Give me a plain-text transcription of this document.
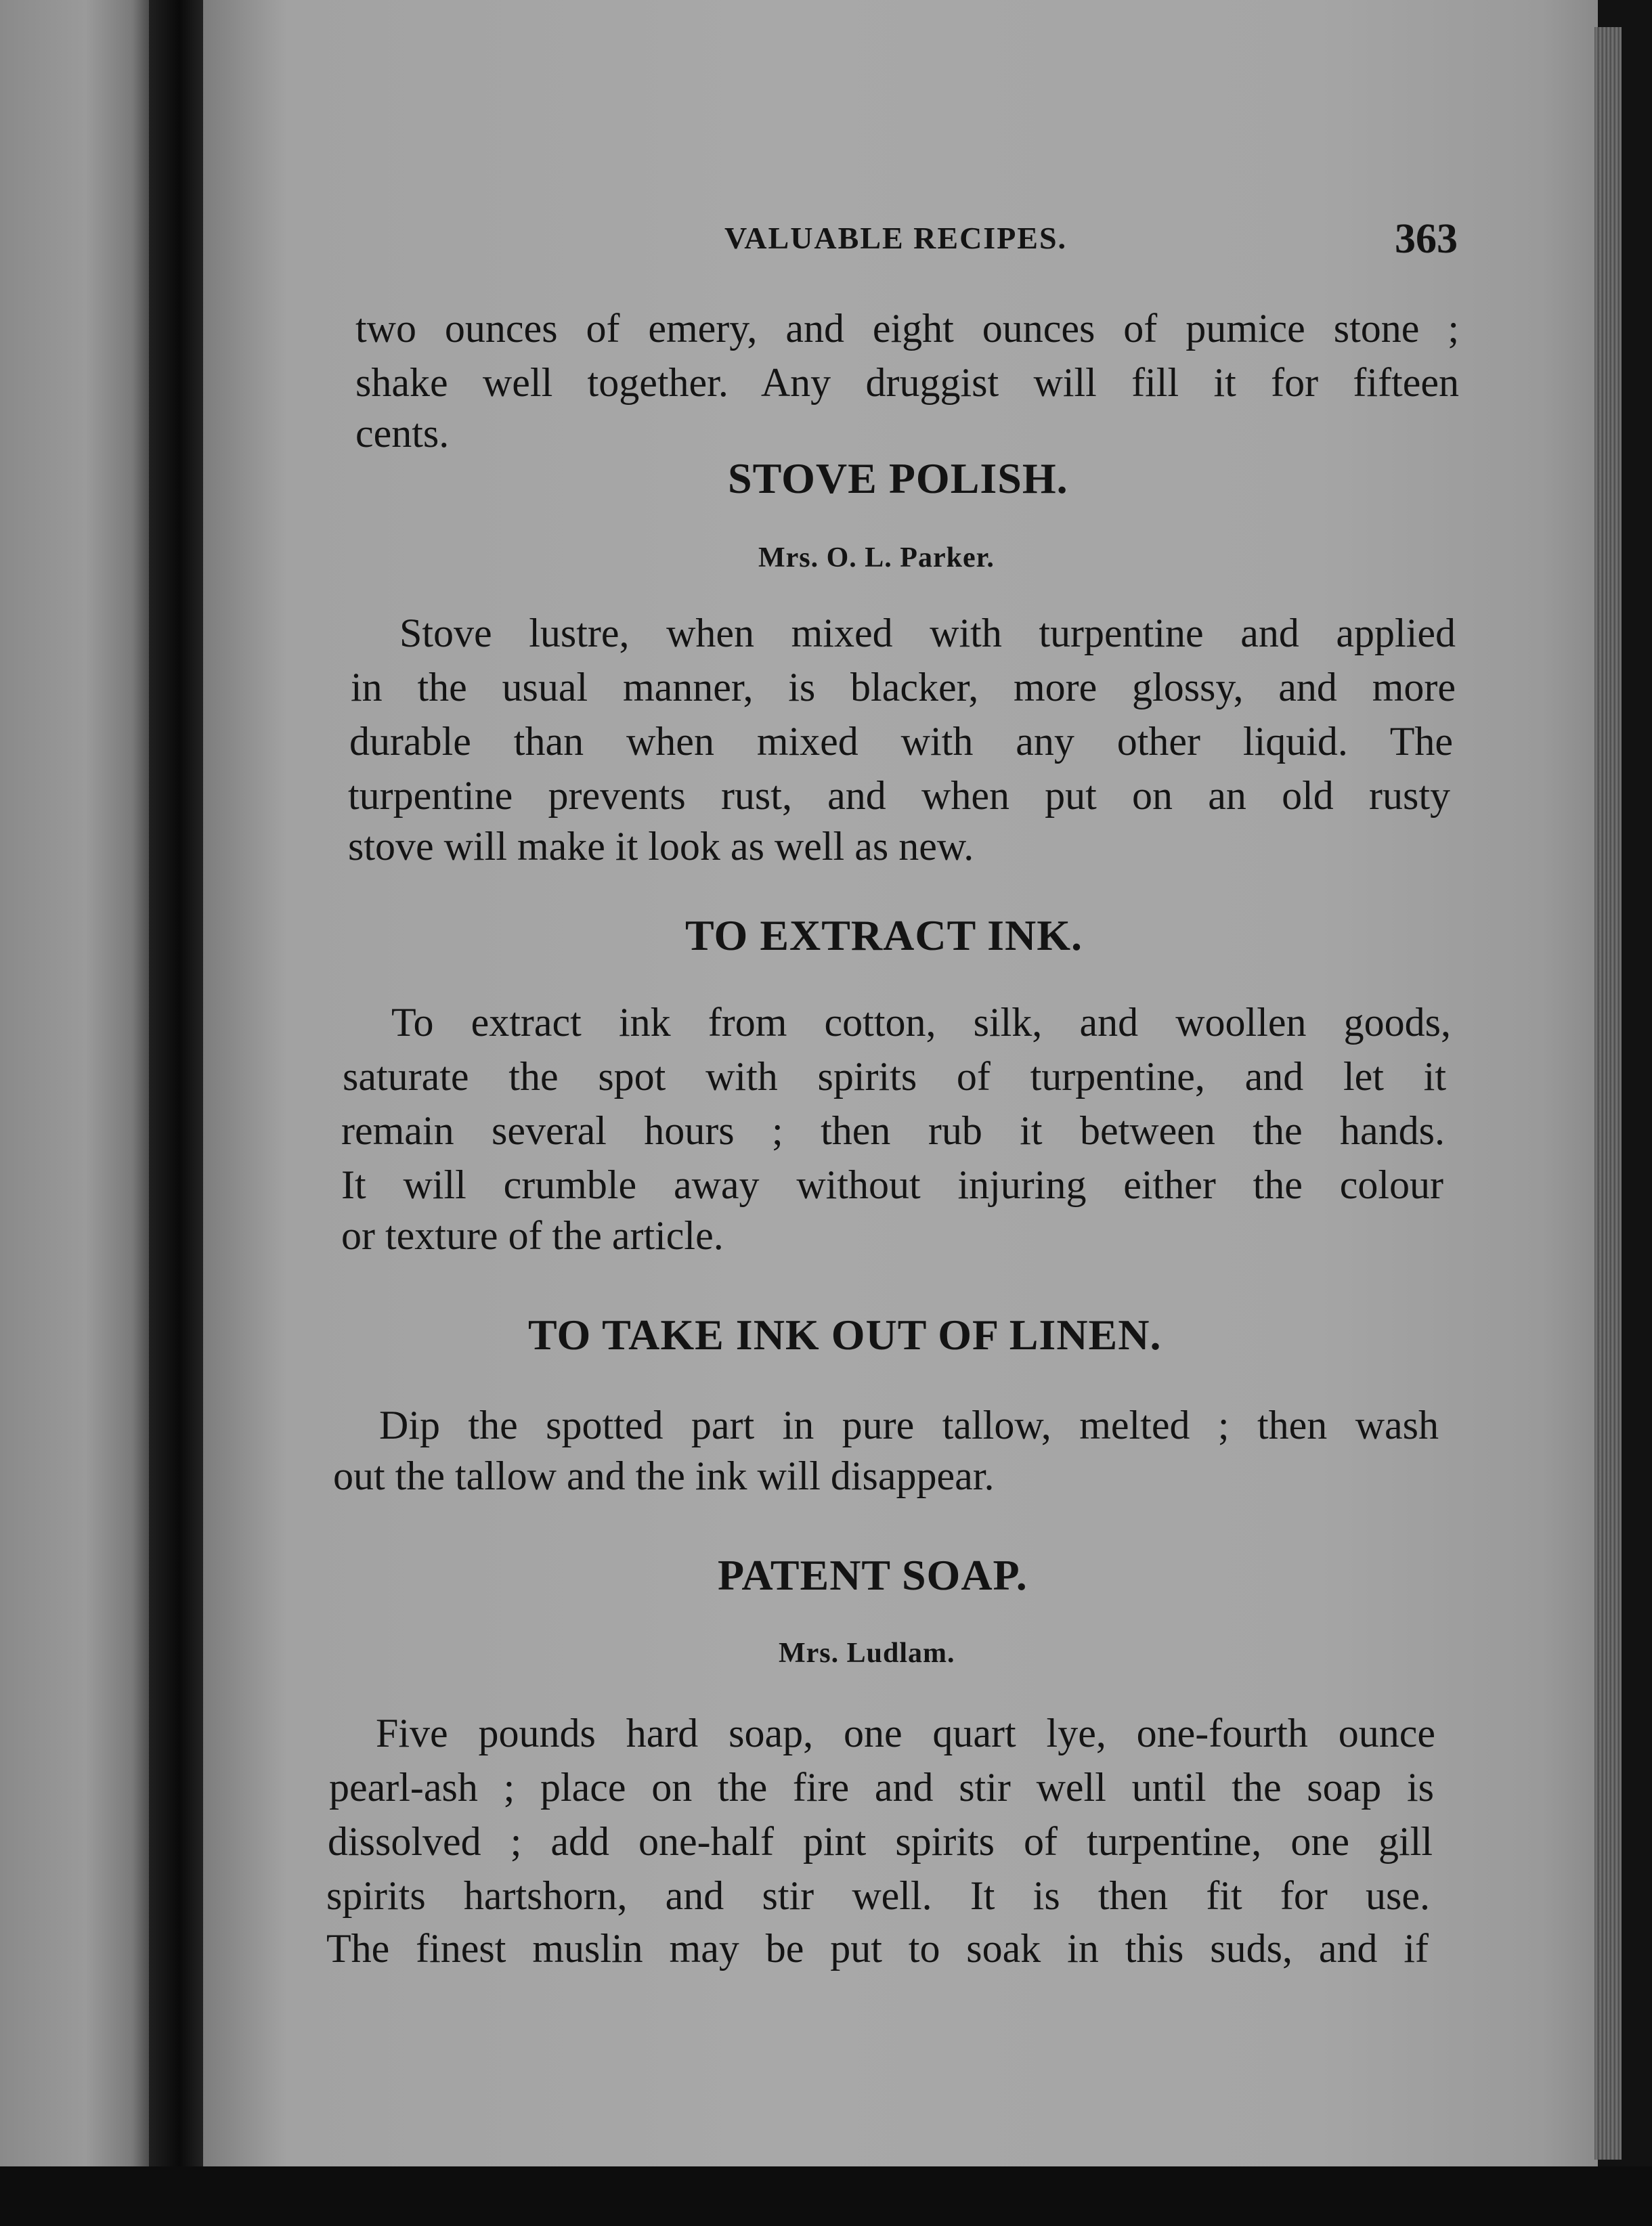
VALUABLE RECIPES.	363
two ounces of emery, and eight ounces of pumice stone ;
shake well together. Any druggist will fill it for fifteen
cents.
STOVE POLISH.
Mrs. O. L. Parker.
Stove lustre, when mixed with turpentine and applied
in the usual manner, is blacker, more glossy, and more
durable than when mixed with any other liquid. The
turpentine prevents rust, and when put on an old rusty
stove will make it look as well as new.
TO EXTRACT INK.
To extract ink from cotton, silk, and woollen goods,
saturate the spot with spirits of turpentine, and let it
remain several hours ; then rub it between the hands.
It will crumble away without injuring either the colour
or texture of the article.
TO TAKE INK OUT OF LINEN.
Dip the spotted part in pure tallow, melted ; then wash
out the tallow and the ink will disappear.
PATENT SOAP.
Mrs. Ludlam.
Five pounds hard soap, one quart lye, one-fourth ounce
pearl-ash ; place on the fire and stir well until the soap is
dissolved ; add one-half pint spirits of turpentine, one gill
spirits hartshorn, and stir well. It is then fit for use.
The finest muslin may be put to soak in this suds, and if
